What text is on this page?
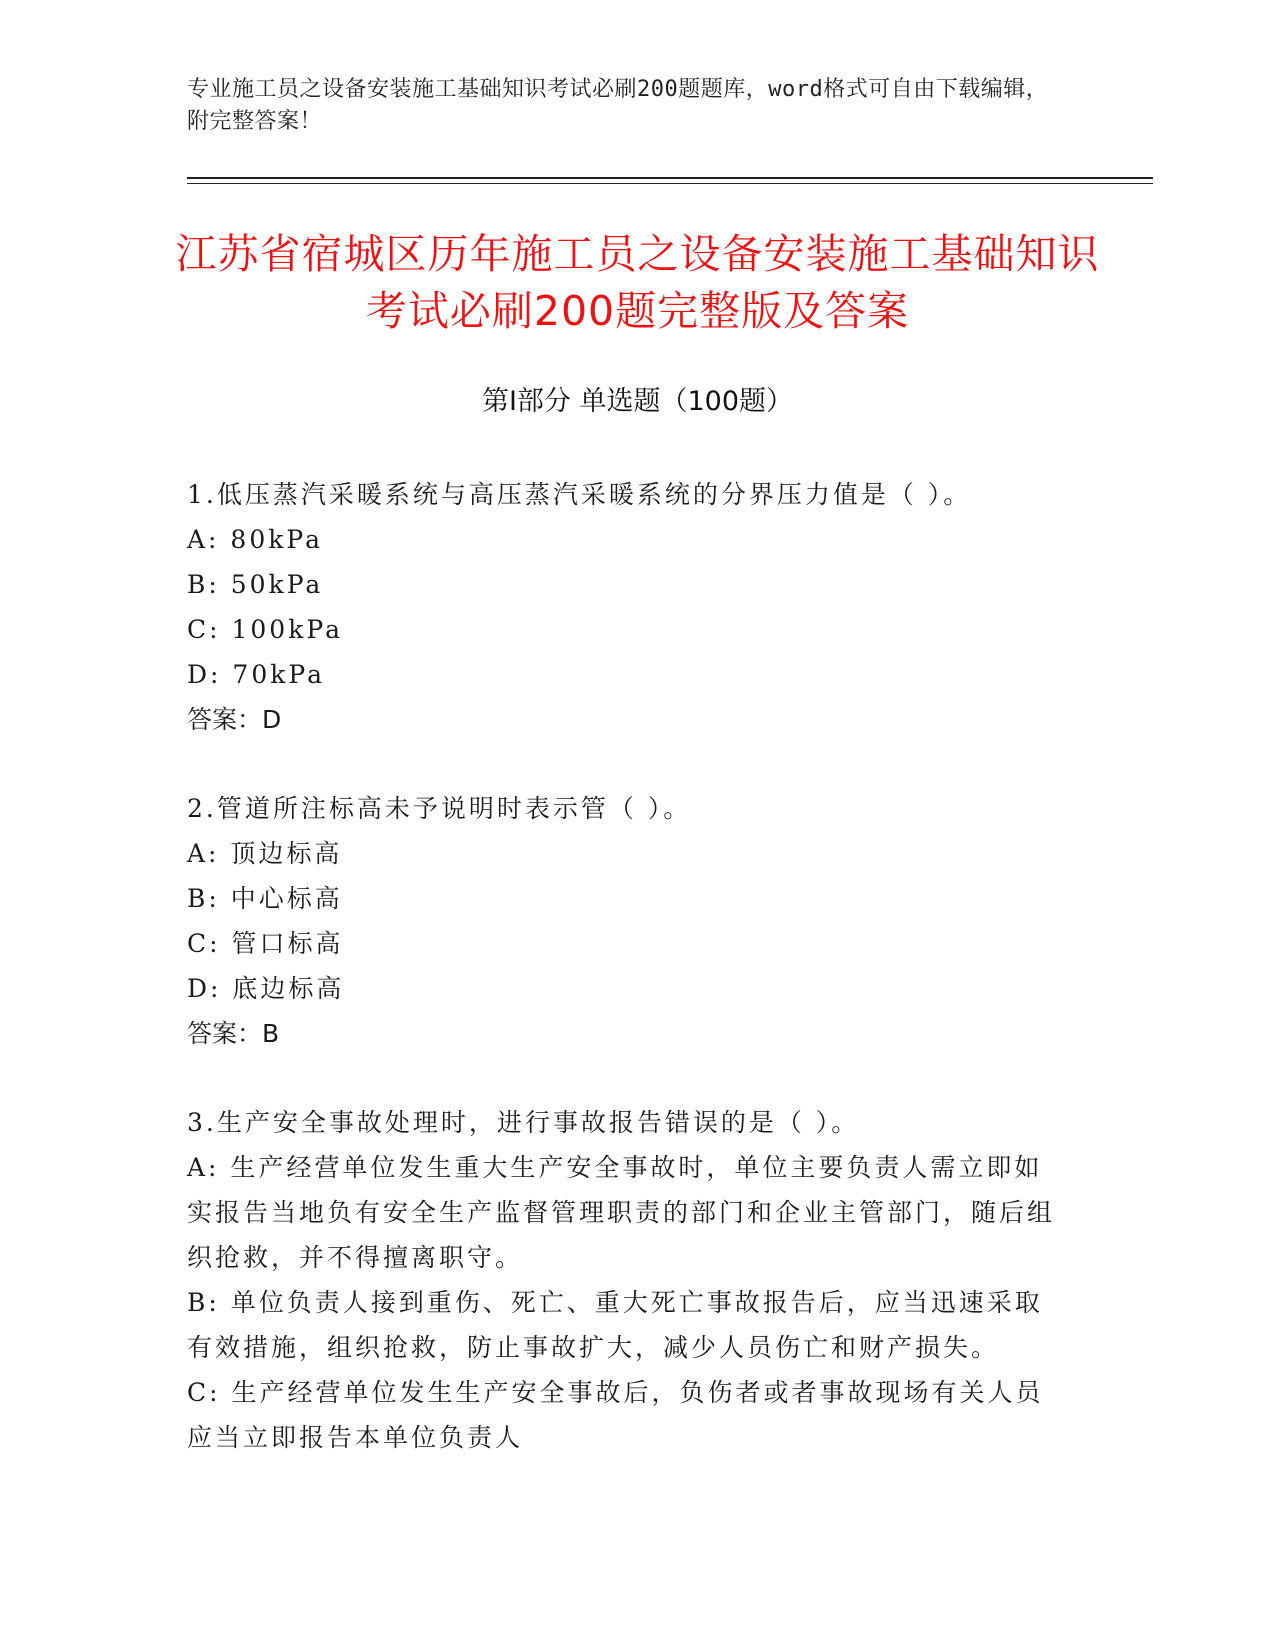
专业施工员之设备安装施工基础知识考试必刷200题题库，word格式可自由下载编辑，附完整答案！
江苏省宿城区历年施工员之设备安装施工基础知识考试必刷200题完整版及答案
第Ⅰ部分 单选题（100题）
1.低压蒸汽采暖系统与高压蒸汽采暖系统的分界压力值是（ ）。
A: 80kPa
B: 50kPa
C: 100kPa
D: 70kPa
答案：D
2.管道所注标高未予说明时表示管（ ）。
A: 顶边标高
B: 中心标高
C: 管口标高
D: 底边标高
答案：B
3.生产安全事故处理时，进行事故报告错误的是（ ）。
A: 生产经营单位发生重大生产安全事故时，单位主要负责人需立即如实报告当地负有安全生产监督管理职责的部门和企业主管部门，随后组织抢救，并不得擅离职守。
B: 单位负责人接到重伤、死亡、重大死亡事故报告后，应当迅速采取有效措施，组织抢救，防止事故扩大，减少人员伤亡和财产损失。
C: 生产经营单位发生生产安全事故后，负伤者或者事故现场有关人员应当立即报告本单位负责人
